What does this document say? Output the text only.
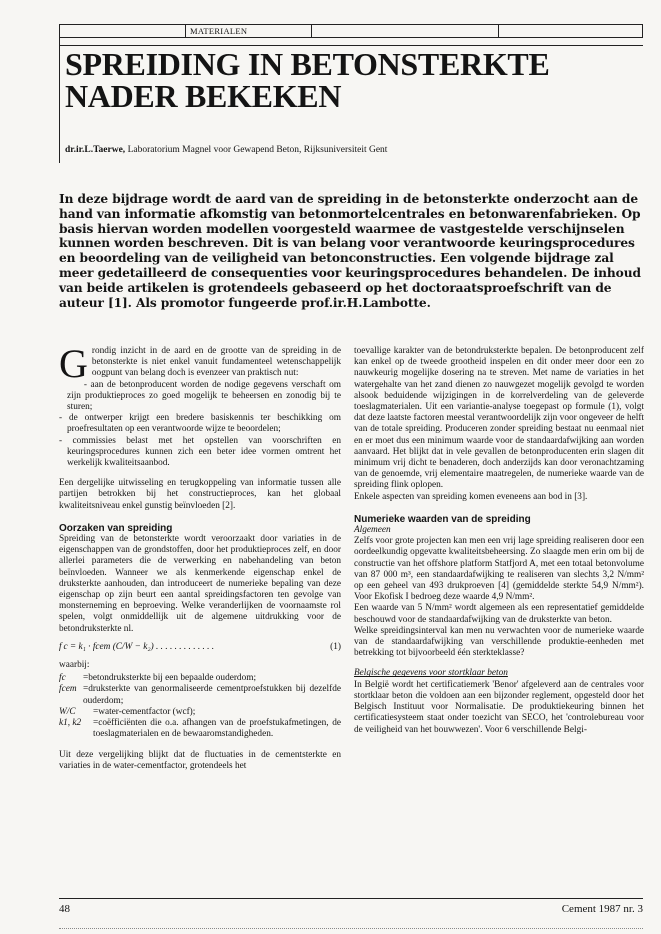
MATERIALEN
SPREIDING IN BETONSTERKTE
NADER BEKEKEN
dr.ir.L.Taerwe, Laboratorium Magnel voor Gewapend Beton, Rijksuniversiteit Gent

In deze bijdrage wordt de aard van de spreiding in de betonsterkte onderzocht aan de hand van informatie afkomstig van betonmortelcentrales en betonwarenfabrieken. Op basis hiervan worden modellen voorgesteld waarmee de vastgestelde verschijnselen kunnen worden beschreven. Dit is van belang voor verantwoorde keuringsprocedures en beoordeling van de veiligheid van betonconstructies. Een volgende bijdrage zal meer gedetailleerd de consequenties voor keuringsprocedures behandelen. De inhoud van beide artikelen is grotendeels gebaseerd op het doctoraatsproefschrift van de auteur [1]. Als promotor fungeerde prof.ir.H.Lambotte.

Grondig inzicht in de aard en de grootte van de spreiding in de betonsterkte is niet enkel vanuit fundamenteel wetenschappelijk oogpunt van belang doch is evenzeer van praktisch nut:

- aan de betonproducent worden de nodige gegevens verschaft om zijn produktieproces zo goed mogelijk te beheersen en zonodig bij te sturen;

- de ontwerper krijgt een bredere basiskennis ter beschikking om proefresultaten op een verantwoorde wijze te beoordelen;

- commissies belast met het opstellen van voorschriften en keuringsprocedures kunnen zich een beter idee vormen omtrent het werkelijk kwaliteitsaanbod.

Een dergelijke uitwisseling en terugkoppeling van informatie tussen alle partijen betrokken bij het constructieproces, kan het globaal kwaliteitsniveau enkel gunstig beïnvloeden [2].

Oorzaken van spreiding

Spreiding van de betonsterkte wordt veroorzaakt door variaties in de eigenschappen van de grondstoffen, door het produktieproces zelf, en door allerlei parameters die de verwerking en nabehandeling van beton beïnvloeden. Wanneer we als kenmerkende eigenschap enkel de druksterkte aanhouden, dan introduceert de numerieke bepaling van deze eigenschap op zijn beurt een aantal spreidingsfactoren ten gevolge van monsterneming en beproeving. Welke veranderlijken de voornaamste rol spelen, volgt onmiddellijk uit de algemene uitdrukking voor de betondruksterkte nl.

f c = k₁ · fcem (C/W − k₂) . . . . . . . . . . . . .	(1)

waarbij:

fc	=betondruksterkte bij een bepaalde ouderdom;
fcem =druksterkte van genormaliseerde cementproefstukken bij dezelfde ouderdom;
W/C	=water-cementfactor (wcf);
k1, k2	=coëfficiënten die o.a. afhangen van de proefstukafmetingen, de toeslagmaterialen en de bewaaromstandigheden.

Uit deze vergelijking blijkt dat de fluctuaties in de cementsterkte en variaties in de water-cementfactor, grotendeels het

toevallige karakter van de betondruksterkte bepalen. De betonproducent zelf kan enkel op de tweede grootheid inspelen en dit onder meer door een zo nauwkeurig mogelijke dosering na te streven. Met name de variaties in het watergehalte van het zand dienen zo nauwgezet mogelijk gevolgd te worden alsook beduidende wijzigingen in de korrelverdeling van de geleverde toeslagmaterialen. Uit een variantie-analyse toegepast op formule (1), volgt dat deze laatste factoren meestal verantwoordelijk zijn voor ongeveer de helft van de totale spreiding. Produceren zonder spreiding bestaat nu eenmaal niet en er moet dus een minimum waarde voor de standaardafwijking aan worden aanvaard. Het blijkt dat in vele gevallen de betonproducenten erin slagen dit minimum vrij dicht te benaderen, doch anderzijds kan door veronachtzaming van de genoemde, vrij elementaire maatregelen, de numerieke waarde van de spreiding flink oplopen.

Enkele aspecten van spreiding komen eveneens aan bod in [3].

Numerieke waarden van de spreiding

Algemeen

Zelfs voor grote projecten kan men een vrij lage spreiding realiseren door een oordeelkundig opgevatte kwaliteitsbeheersing. Zo slaagde men erin om bij de constructie van het offshore platform Statfjord A, met een totaal betonvolume van 87 000 m³, een standaardafwijking te realiseren van slechts 3,2 N/mm² op een geheel van 493 drukproeven [4] (gemiddelde sterkte 54,9 N/mm²). Voor Ekofisk I bedroeg deze waarde 4,9 N/mm².

Een waarde van 5 N/mm² wordt algemeen als een representatief gemiddelde beschouwd voor de standaardafwijking van de druksterkte van beton.

Welke spreidingsinterval kan men nu verwachten voor de numerieke waarde van de standaardafwijking van verschillende produktie-eenheden met betrekking tot bijvoorbeeld één sterkteklasse?

Belgische gegevens voor stortklaar beton

In België wordt het certificatiemerk 'Benor' afgeleverd aan de centrales voor stortklaar beton die voldoen aan een bijzonder reglement, opgesteld door het Belgisch Instituut voor Normalisatie. De produktiekeuring binnen het certificatiesysteem staat onder toezicht van SECO, het 'controlebureau voor de veiligheid van het bouwwezen'. Voor 6 verschillende Belgi-

48	Cement 1987 nr. 3
